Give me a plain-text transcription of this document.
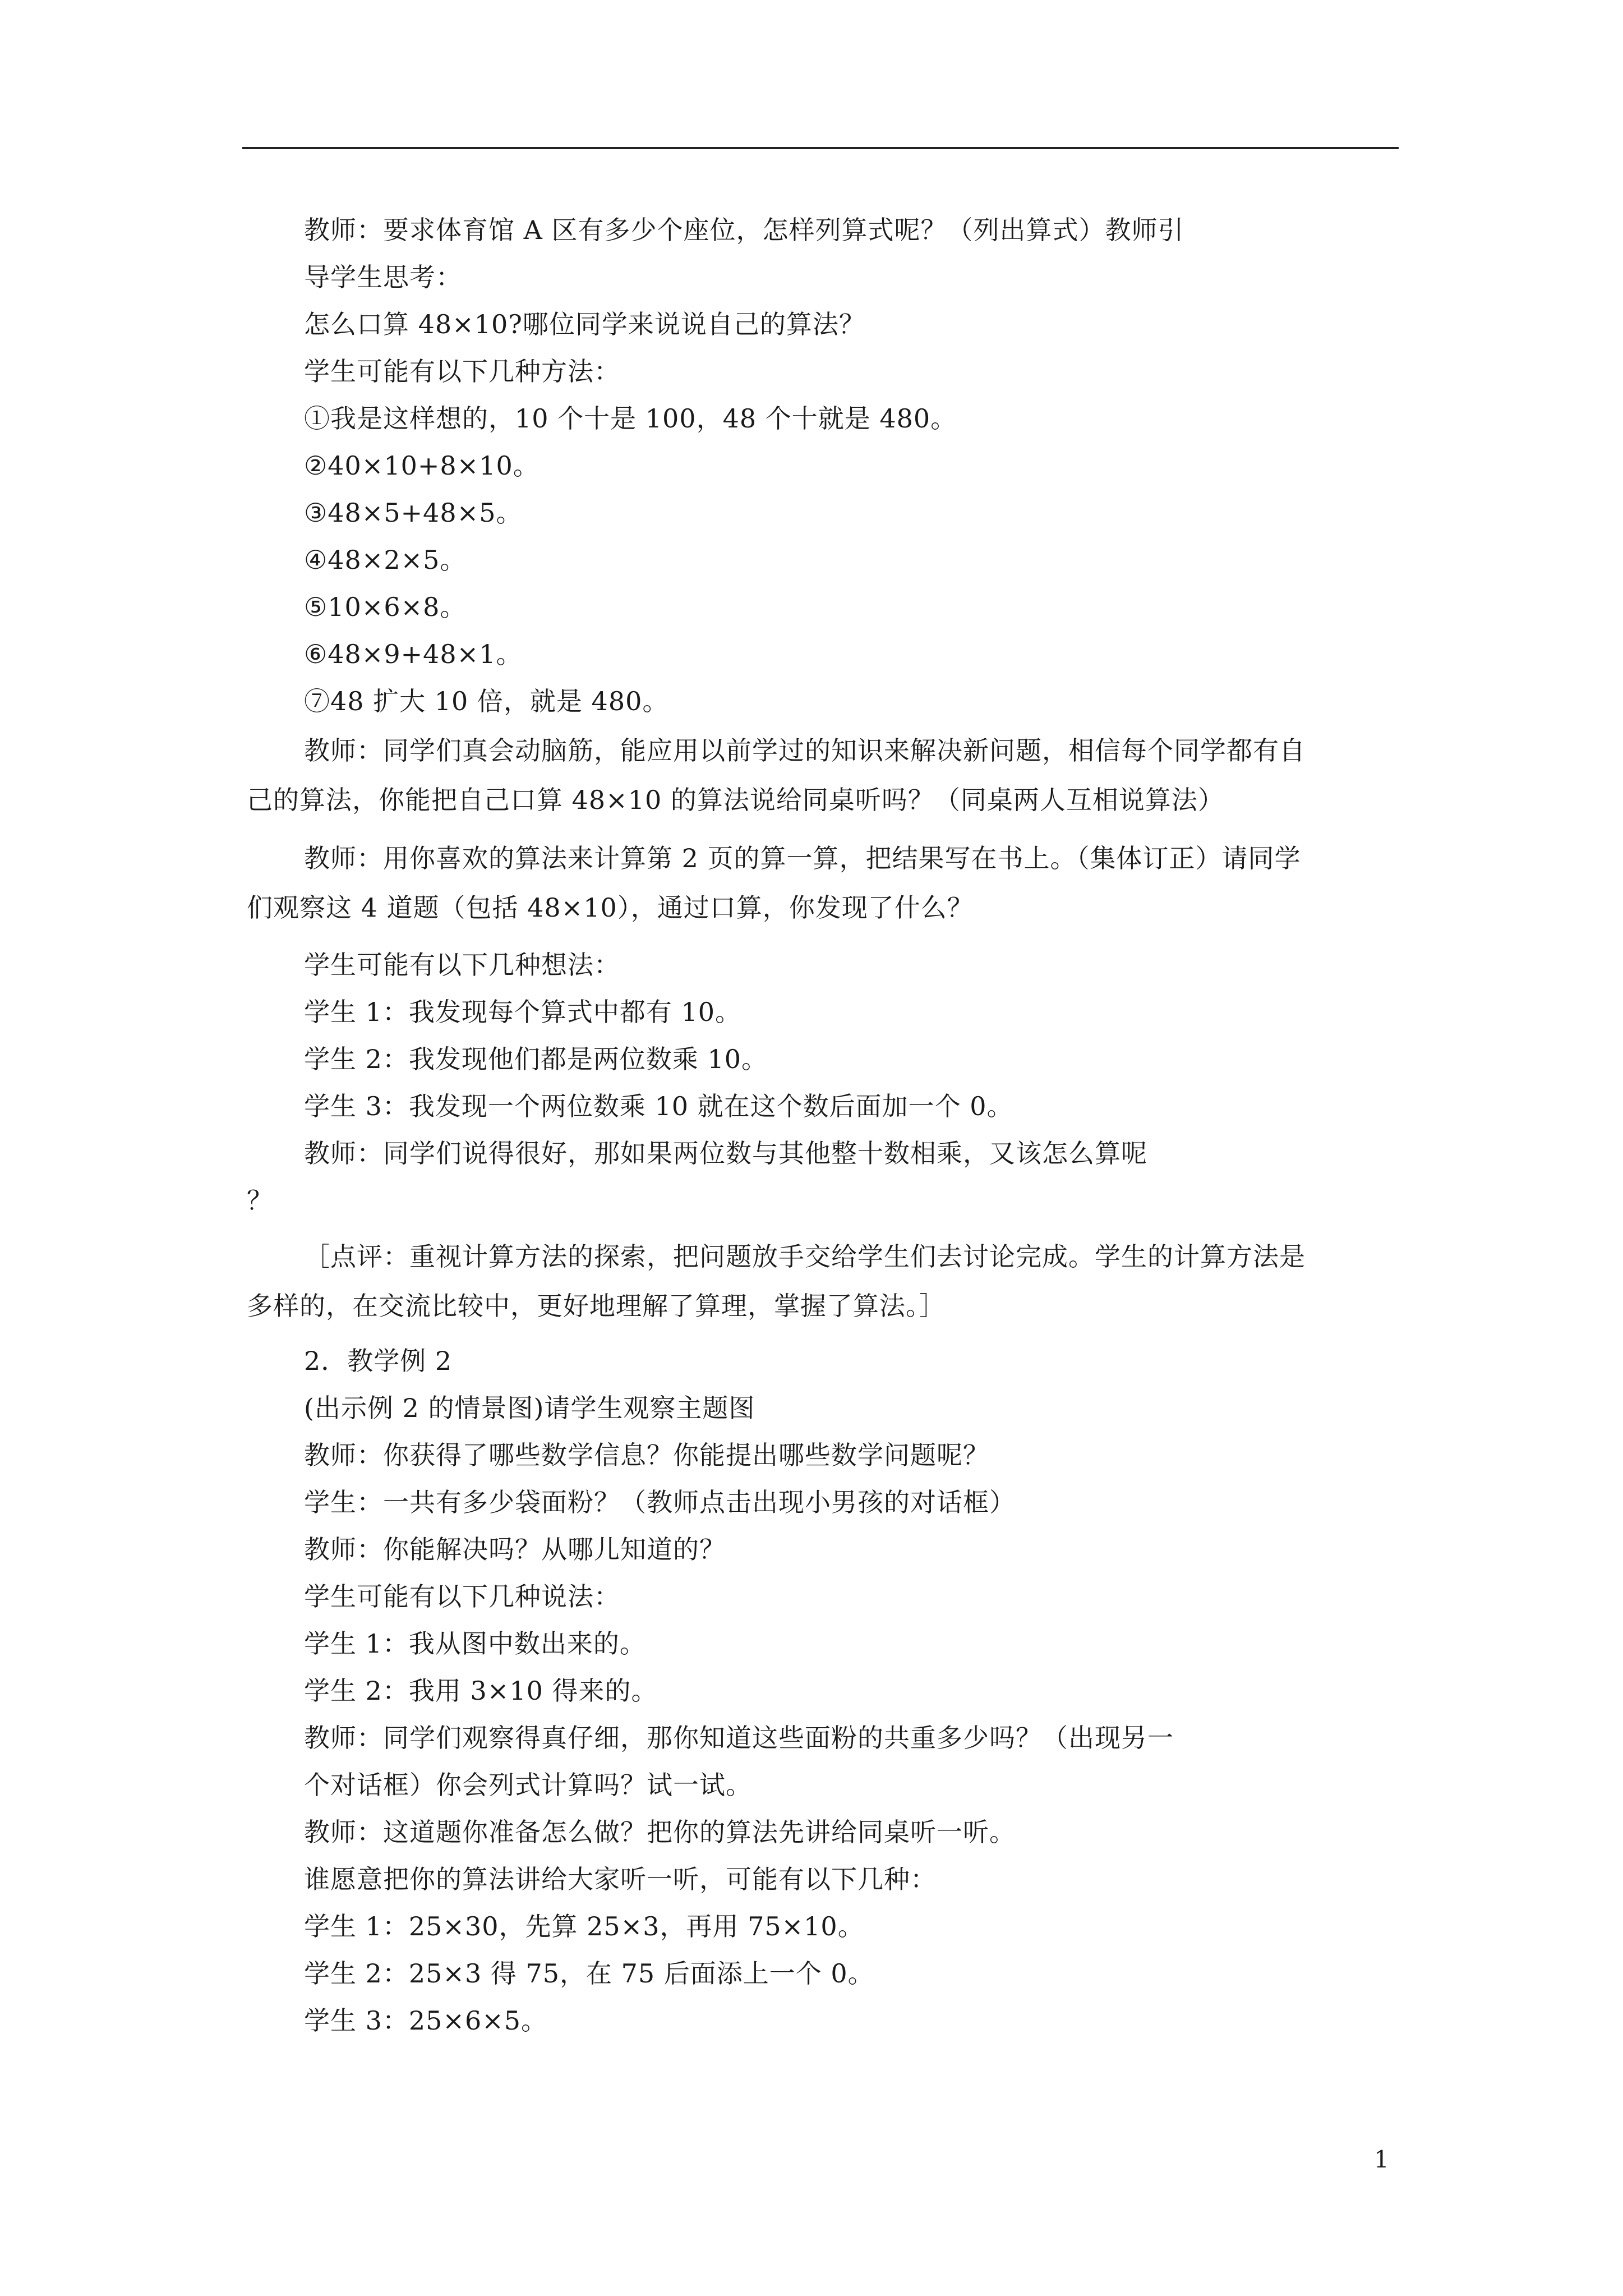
教师：要求体育馆 A 区有多少个座位，怎样列算式呢？（列出算式）教师引
导学生思考：
怎么口算 48×10?哪位同学来说说自己的算法？
学生可能有以下几种方法：
①我是这样想的，10 个十是 100，48 个十就是 480。
②40×10+8×10。
③48×5+48×5。
④48×2×5。
⑤10×6×8。
⑥48×9+48×1。
⑦48 扩大 10 倍，就是 480。
教师：同学们真会动脑筋，能应用以前学过的知识来解决新问题，相信每个同学都有自
己的算法，你能把自己口算 48×10 的算法说给同桌听吗？（同桌两人互相说算法）
教师：用你喜欢的算法来计算第 2 页的算一算，把结果写在书上。（集体订正）请同学
们观察这 4 道题（包括 48×10），通过口算，你发现了什么？
学生可能有以下几种想法：
学生 1：我发现每个算式中都有 10。
学生 2：我发现他们都是两位数乘 10。
学生 3：我发现一个两位数乘 10 就在这个数后面加一个 0。
教师：同学们说得很好，那如果两位数与其他整十数相乘，又该怎么算呢
？
［点评：重视计算方法的探索，把问题放手交给学生们去讨论完成。学生的计算方法是
多样的，在交流比较中，更好地理解了算理，掌握了算法。］
2．教学例 2
(出示例 2 的情景图)请学生观察主题图
教师：你获得了哪些数学信息？你能提出哪些数学问题呢？
学生：一共有多少袋面粉？（教师点击出现小男孩的对话框）
教师：你能解决吗？从哪儿知道的？
学生可能有以下几种说法：
学生 1：我从图中数出来的。
学生 2：我用 3×10 得来的。
教师：同学们观察得真仔细，那你知道这些面粉的共重多少吗？（出现另一
个对话框）你会列式计算吗？试一试。
教师：这道题你准备怎么做？把你的算法先讲给同桌听一听。
谁愿意把你的算法讲给大家听一听，可能有以下几种：
学生 1：25×30，先算 25×3，再用 75×10。
学生 2：25×3 得 75，在 75 后面添上一个 0。
学生 3：25×6×5。
1
